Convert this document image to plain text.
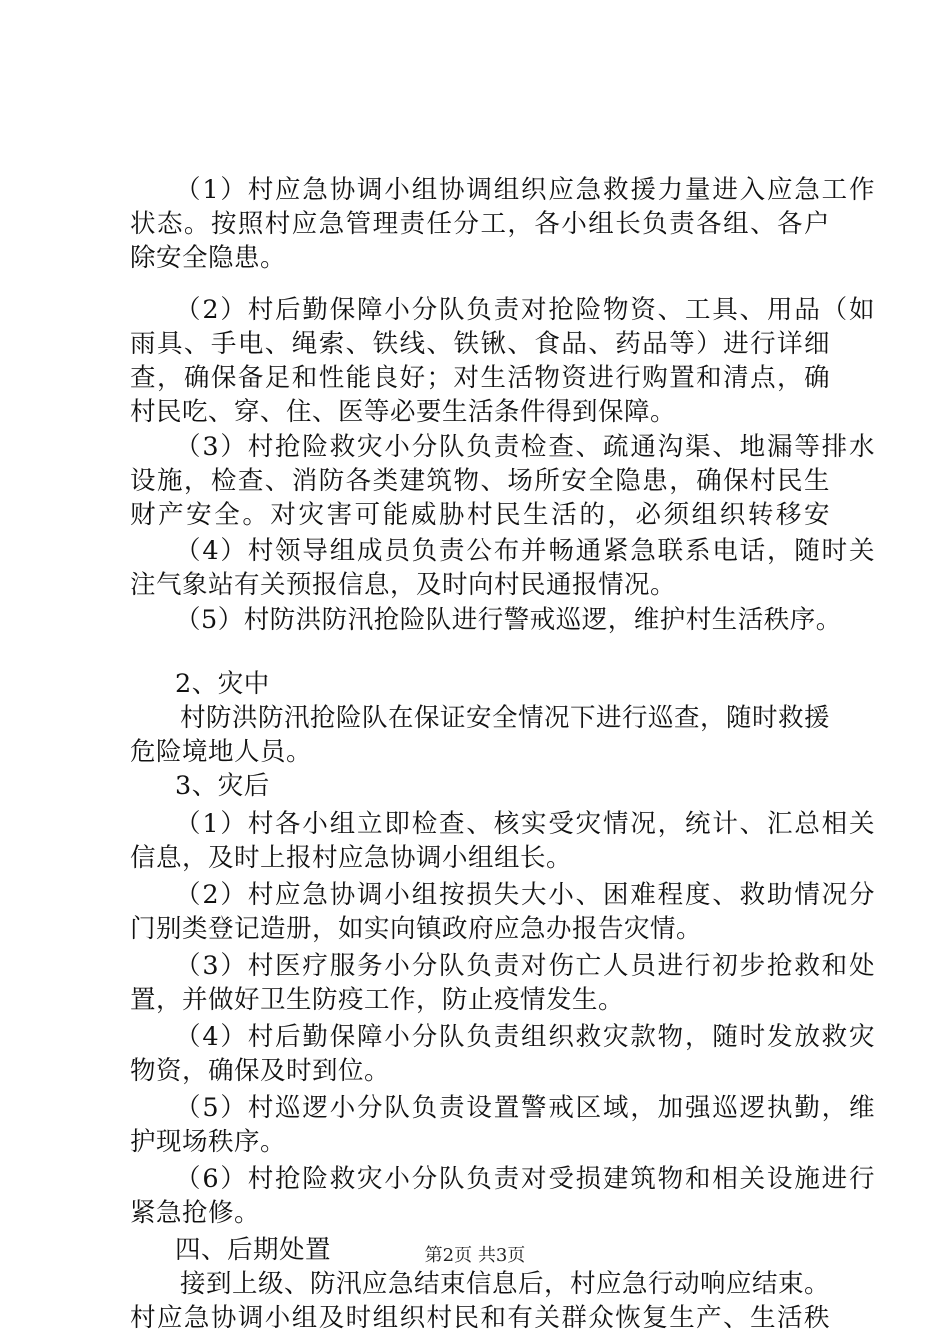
（1）村应急协调小组协调组织应急救援力量进入应急工作
状态。按照村应急管理责任分工，各小组长负责各组、各户
除安全隐患。
（2）村后勤保障小分队负责对抢险物资、工具、用品（如
雨具、手电、绳索、铁线、铁锹、食品、药品等）进行详细
查，确保备足和性能良好；对生活物资进行购置和清点，确
村民吃、穿、住、医等必要生活条件得到保障。
（3）村抢险救灾小分队负责检查、疏通沟渠、地漏等排水
设施，检查、消防各类建筑物、场所安全隐患，确保村民生
财产安全。对灾害可能威胁村民生活的，必须组织转移安
（4）村领导组成员负责公布并畅通紧急联系电话，随时关
注气象站有关预报信息，及时向村民通报情况。
（5）村防洪防汛抢险队进行警戒巡逻，维护村生活秩序。
2、灾中
村防洪防汛抢险队在保证安全情况下进行巡查，随时救援
危险境地人员。
3、灾后
（1）村各小组立即检查、核实受灾情况，统计、汇总相关
信息，及时上报村应急协调小组组长。
（2）村应急协调小组按损失大小、困难程度、救助情况分
门别类登记造册，如实向镇政府应急办报告灾情。
（3）村医疗服务小分队负责对伤亡人员进行初步抢救和处
置，并做好卫生防疫工作，防止疫情发生。
（4）村后勤保障小分队负责组织救灾款物，随时发放救灾
物资，确保及时到位。
（5）村巡逻小分队负责设置警戒区域，加强巡逻执勤，维
护现场秩序。
（6）村抢险救灾小分队负责对受损建筑物和相关设施进行
紧急抢修。
四、后期处置
接到上级、防汛应急结束信息后，村应急行动响应结束。
村应急协调小组及时组织村民和有关群众恢复生产、生活秩
第2页 共3页
